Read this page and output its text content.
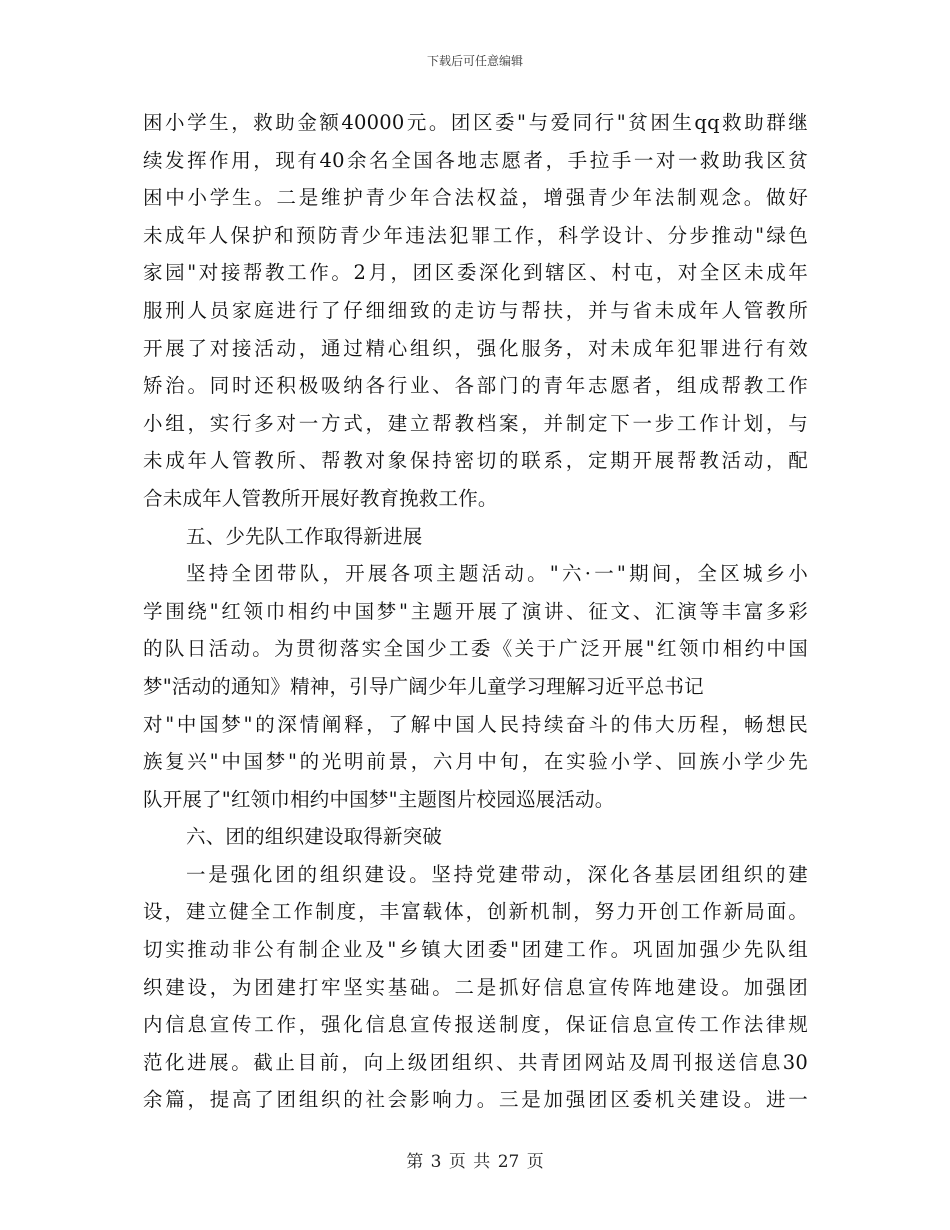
下载后可任意编辑
困小学生，救助金额40000元。团区委"与爱同行"贫困生qq救助群继
续发挥作用，现有40余名全国各地志愿者，手拉手一对一救助我区贫
困中小学生。二是维护青少年合法权益，增强青少年法制观念。做好
未成年人保护和预防青少年违法犯罪工作，科学设计、分步推动"绿色
家园"对接帮教工作。2月，团区委深化到辖区、村屯，对全区未成年
服刑人员家庭进行了仔细细致的走访与帮扶，并与省未成年人管教所
开展了对接活动，通过精心组织，强化服务，对未成年犯罪进行有效
矫治。同时还积极吸纳各行业、各部门的青年志愿者，组成帮教工作
小组，实行多对一方式，建立帮教档案，并制定下一步工作计划，与
未成年人管教所、帮教对象保持密切的联系，定期开展帮教活动，配
合未成年人管教所开展好教育挽救工作。
五、少先队工作取得新进展
坚持全团带队，开展各项主题活动。"六·一"期间，全区城乡小
学围绕"红领巾相约中国梦"主题开展了演讲、征文、汇演等丰富多彩
的队日活动。为贯彻落实全国少工委《关于广泛开展"红领巾相约中国
梦"活动的通知》精神，引导广阔少年儿童学习理解习近平总书记
对"中国梦"的深情阐释，了解中国人民持续奋斗的伟大历程，畅想民
族复兴"中国梦"的光明前景，六月中旬，在实验小学、回族小学少先
队开展了"红领巾相约中国梦"主题图片校园巡展活动。
六、团的组织建设取得新突破
一是强化团的组织建设。坚持党建带动，深化各基层团组织的建
设，建立健全工作制度，丰富载体，创新机制，努力开创工作新局面。
切实推动非公有制企业及"乡镇大团委"团建工作。巩固加强少先队组
织建设，为团建打牢坚实基础。二是抓好信息宣传阵地建设。加强团
内信息宣传工作，强化信息宣传报送制度，保证信息宣传工作法律规
范化进展。截止目前，向上级团组织、共青团网站及周刊报送信息30
余篇，提高了团组织的社会影响力。三是加强团区委机关建设。进一
第 3 页 共 27 页
